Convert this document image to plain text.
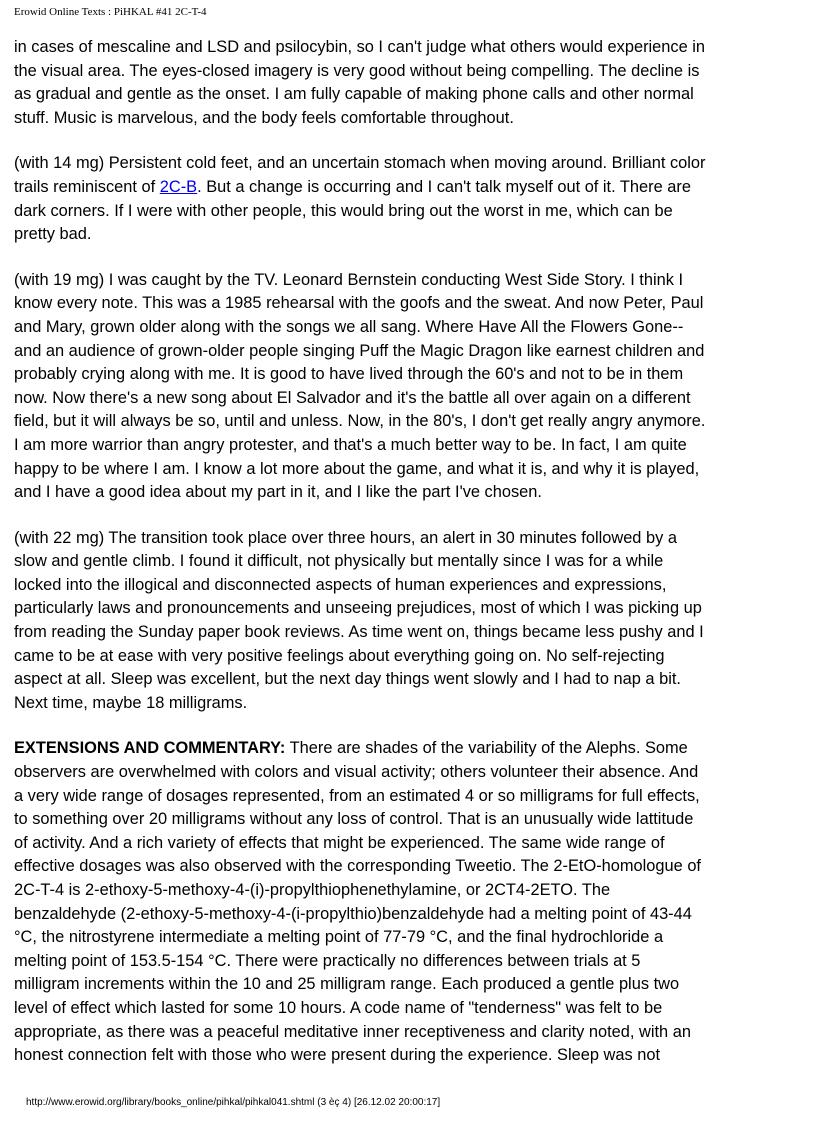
Erowid Online Texts : PiHKAL #41 2C-T-4

in cases of mescaline and LSD and psilocybin, so I can't judge what others would experience in
the visual area. The eyes-closed imagery is very good without being compelling. The decline is
as gradual and gentle as the onset. I am fully capable of making phone calls and other normal
stuff. Music is marvelous, and the body feels comfortable throughout.

(with 14 mg) Persistent cold feet, and an uncertain stomach when moving around. Brilliant color
trails reminiscent of 2C-B. But a change is occurring and I can't talk myself out of it. There are
dark corners. If I were with other people, this would bring out the worst in me, which can be
pretty bad.

(with 19 mg) I was caught by the TV. Leonard Bernstein conducting West Side Story. I think I
know every note. This was a 1985 rehearsal with the goofs and the sweat. And now Peter, Paul
and Mary, grown older along with the songs we all sang. Where Have All the Flowers Gone--
and an audience of grown-older people singing Puff the Magic Dragon like earnest children and
probably crying along with me. It is good to have lived through the 60's and not to be in them
now. Now there's a new song about El Salvador and it's the battle all over again on a different
field, but it will always be so, until and unless. Now, in the 80's, I don't get really angry anymore.
I am more warrior than angry protester, and that's a much better way to be. In fact, I am quite
happy to be where I am. I know a lot more about the game, and what it is, and why it is played,
and I have a good idea about my part in it, and I like the part I've chosen.

(with 22 mg) The transition took place over three hours, an alert in 30 minutes followed by a
slow and gentle climb. I found it difficult, not physically but mentally since I was for a while
locked into the illogical and disconnected aspects of human experiences and expressions,
particularly laws and pronouncements and unseeing prejudices, most of which I was picking up
from reading the Sunday paper book reviews. As time went on, things became less pushy and I
came to be at ease with very positive feelings about everything going on. No self-rejecting
aspect at all. Sleep was excellent, but the next day things went slowly and I had to nap a bit.
Next time, maybe 18 milligrams.

EXTENSIONS AND COMMENTARY: There are shades of the variability of the Alephs. Some
observers are overwhelmed with colors and visual activity; others volunteer their absence. And
a very wide range of dosages represented, from an estimated 4 or so milligrams for full effects,
to something over 20 milligrams without any loss of control. That is an unusually wide lattitude
of activity. And a rich variety of effects that might be experienced. The same wide range of
effective dosages was also observed with the corresponding Tweetio. The 2-EtO-homologue of
2C-T-4 is 2-ethoxy-5-methoxy-4-(i)-propylthiophenethylamine, or 2CT4-2ETO. The
benzaldehyde (2-ethoxy-5-methoxy-4-(i-propylthio)benzaldehyde had a melting point of 43-44
°C, the nitrostyrene intermediate a melting point of 77-79 °C, and the final hydrochloride a
melting point of 153.5-154 °C. There were practically no differences between trials at 5
milligram increments within the 10 and 25 milligram range. Each produced a gentle plus two
level of effect which lasted for some 10 hours. A code name of "tenderness" was felt to be
appropriate, as there was a peaceful meditative inner receptiveness and clarity noted, with an
honest connection felt with those who were present during the experience. Sleep was not

http://www.erowid.org/library/books_online/pihkal/pihkal041.shtml (3 èç 4) [26.12.02 20:00:17]
